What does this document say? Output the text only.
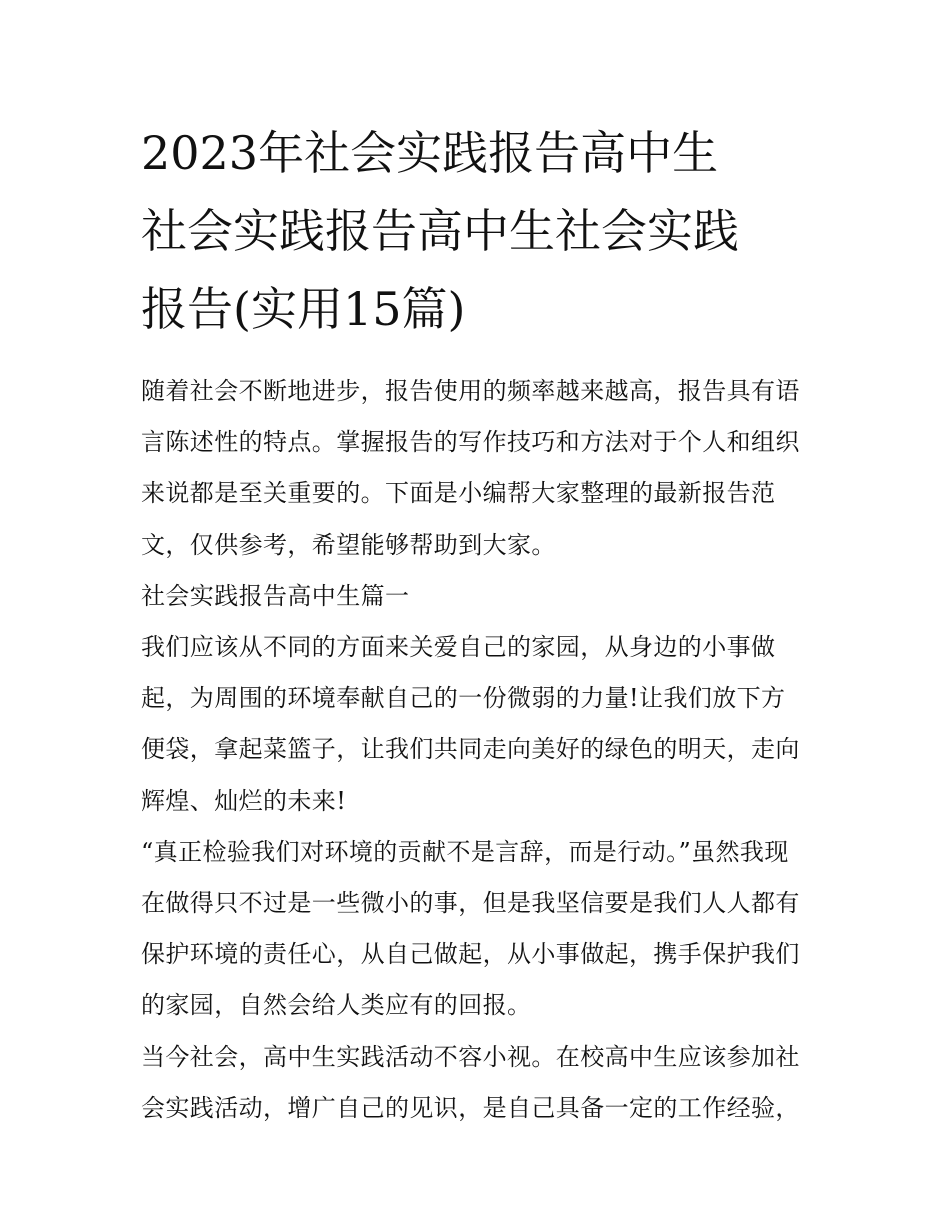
2023年社会实践报告高中生
社会实践报告高中生社会实践
报告(实用15篇)
随着社会不断地进步，报告使用的频率越来越高，报告具有语
言陈述性的特点。掌握报告的写作技巧和方法对于个人和组织
来说都是至关重要的。下面是小编帮大家整理的最新报告范
文，仅供参考，希望能够帮助到大家。
社会实践报告高中生篇一
我们应该从不同的方面来关爱自己的家园，从身边的小事做
起，为周围的环境奉献自己的一份微弱的力量!让我们放下方
便袋，拿起菜篮子，让我们共同走向美好的绿色的明天，走向
辉煌、灿烂的未来!
“真正检验我们对环境的贡献不是言辞，而是行动。”虽然我现
在做得只不过是一些微小的事，但是我坚信要是我们人人都有
保护环境的责任心，从自己做起，从小事做起，携手保护我们
的家园，自然会给人类应有的回报。
当今社会，高中生实践活动不容小视。在校高中生应该参加社
会实践活动，增广自己的见识，是自己具备一定的工作经验，
